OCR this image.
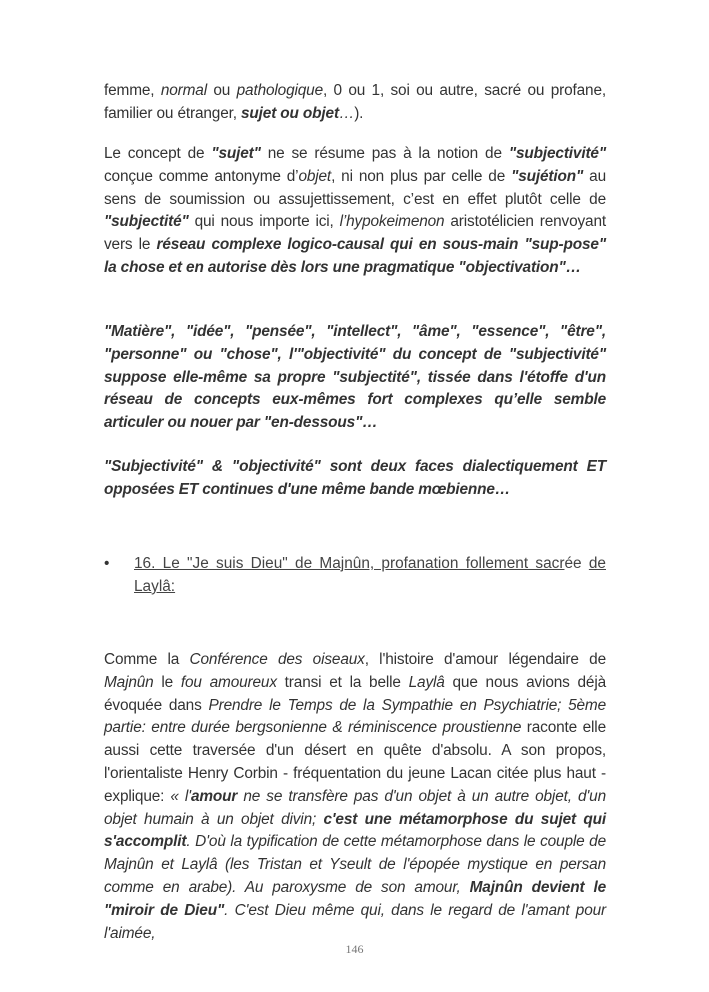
femme, normal ou pathologique, 0 ou 1, soi ou autre, sacré ou profane, familier ou étranger, sujet ou objet…).
Le concept de "sujet" ne se résume pas à la notion de "subjectivité" conçue comme antonyme d’objet, ni non plus par celle de "sujétion" au sens de soumission ou assujettissement, c’est en effet plutôt celle de "subjectité" qui nous importe ici, l’hypokeimenon aristotélicien renvoyant vers le réseau complexe logico-causal qui en sous-main "sup-pose" la chose et en autorise dès lors une pragmatique "objectivation"…
"Matière", "idée", "pensée", "intellect", "âme", "essence", "être", "personne" ou "chose", l'"objectivité" du concept de "subjectivité" suppose elle-même sa propre "subjectité", tissée dans l'étoffe d'un réseau de concepts eux-mêmes fort complexes qu’elle semble articuler ou nouer par "en-dessous"…
"Subjectivité" & "objectivité" sont deux faces dialectiquement ET opposées ET continues d'une même bande mœbienne…
• 16. Le "Je suis Dieu" de Majnûn, profanation follement sacrée de Laylâ:
Comme la Conférence des oiseaux, l'histoire d'amour légendaire de Majnûn le fou amoureux transi et la belle Laylâ que nous avions déjà évoquée dans Prendre le Temps de la Sympathie en Psychiatrie; 5ème partie: entre durée bergsonienne & réminiscence proustienne raconte elle aussi cette traversée d'un désert en quête d'absolu. A son propos, l'orientaliste Henry Corbin - fréquentation du jeune Lacan citée plus haut - explique: « l'amour ne se transfère pas d'un objet à un autre objet, d'un objet humain à un objet divin; c'est une métamorphose du sujet qui s'accomplit. D'où la typification de cette métamorphose dans le couple de Majnûn et Laylâ (les Tristan et Yseult de l'épopée mystique en persan comme en arabe). Au paroxysme de son amour, Majnûn devient le "miroir de Dieu". C'est Dieu même qui, dans le regard de l'amant pour l'aimée,
146
